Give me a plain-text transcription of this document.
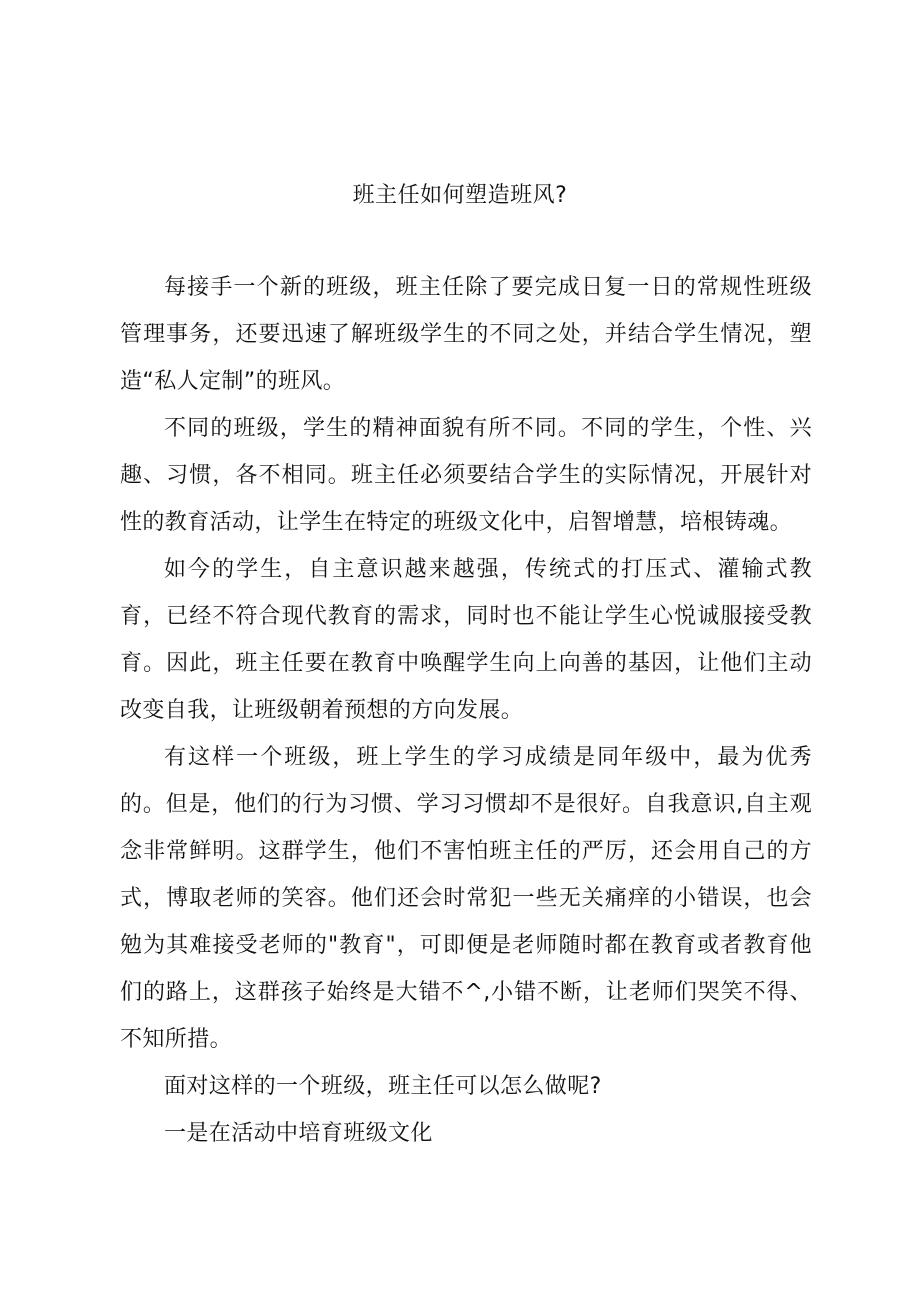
班主任如何塑造班风?

每接手一个新的班级，班主任除了要完成日复一日的常规性班级管理事务，还要迅速了解班级学生的不同之处，并结合学生情况，塑造“私人定制”的班风。

不同的班级，学生的精神面貌有所不同。不同的学生，个性、兴趣、习惯，各不相同。班主任必须要结合学生的实际情况，开展针对性的教育活动，让学生在特定的班级文化中，启智增慧，培根铸魂。

如今的学生，自主意识越来越强，传统式的打压式、灌输式教育，已经不符合现代教育的需求，同时也不能让学生心悦诚服接受教育。因此，班主任要在教育中唤醒学生向上向善的基因，让他们主动改变自我，让班级朝着预想的方向发展。

有这样一个班级，班上学生的学习成绩是同年级中，最为优秀的。但是，他们的行为习惯、学习习惯却不是很好。自我意识,自主观念非常鲜明。这群学生，他们不害怕班主任的严厉，还会用自己的方式，博取老师的笑容。他们还会时常犯一些无关痛痒的小错误，也会勉为其难接受老师的"教育"，可即便是老师随时都在教育或者教育他们的路上，这群孩子始终是大错不^,小错不断，让老师们哭笑不得、不知所措。

面对这样的一个班级，班主任可以怎么做呢?

一是在活动中培育班级文化
